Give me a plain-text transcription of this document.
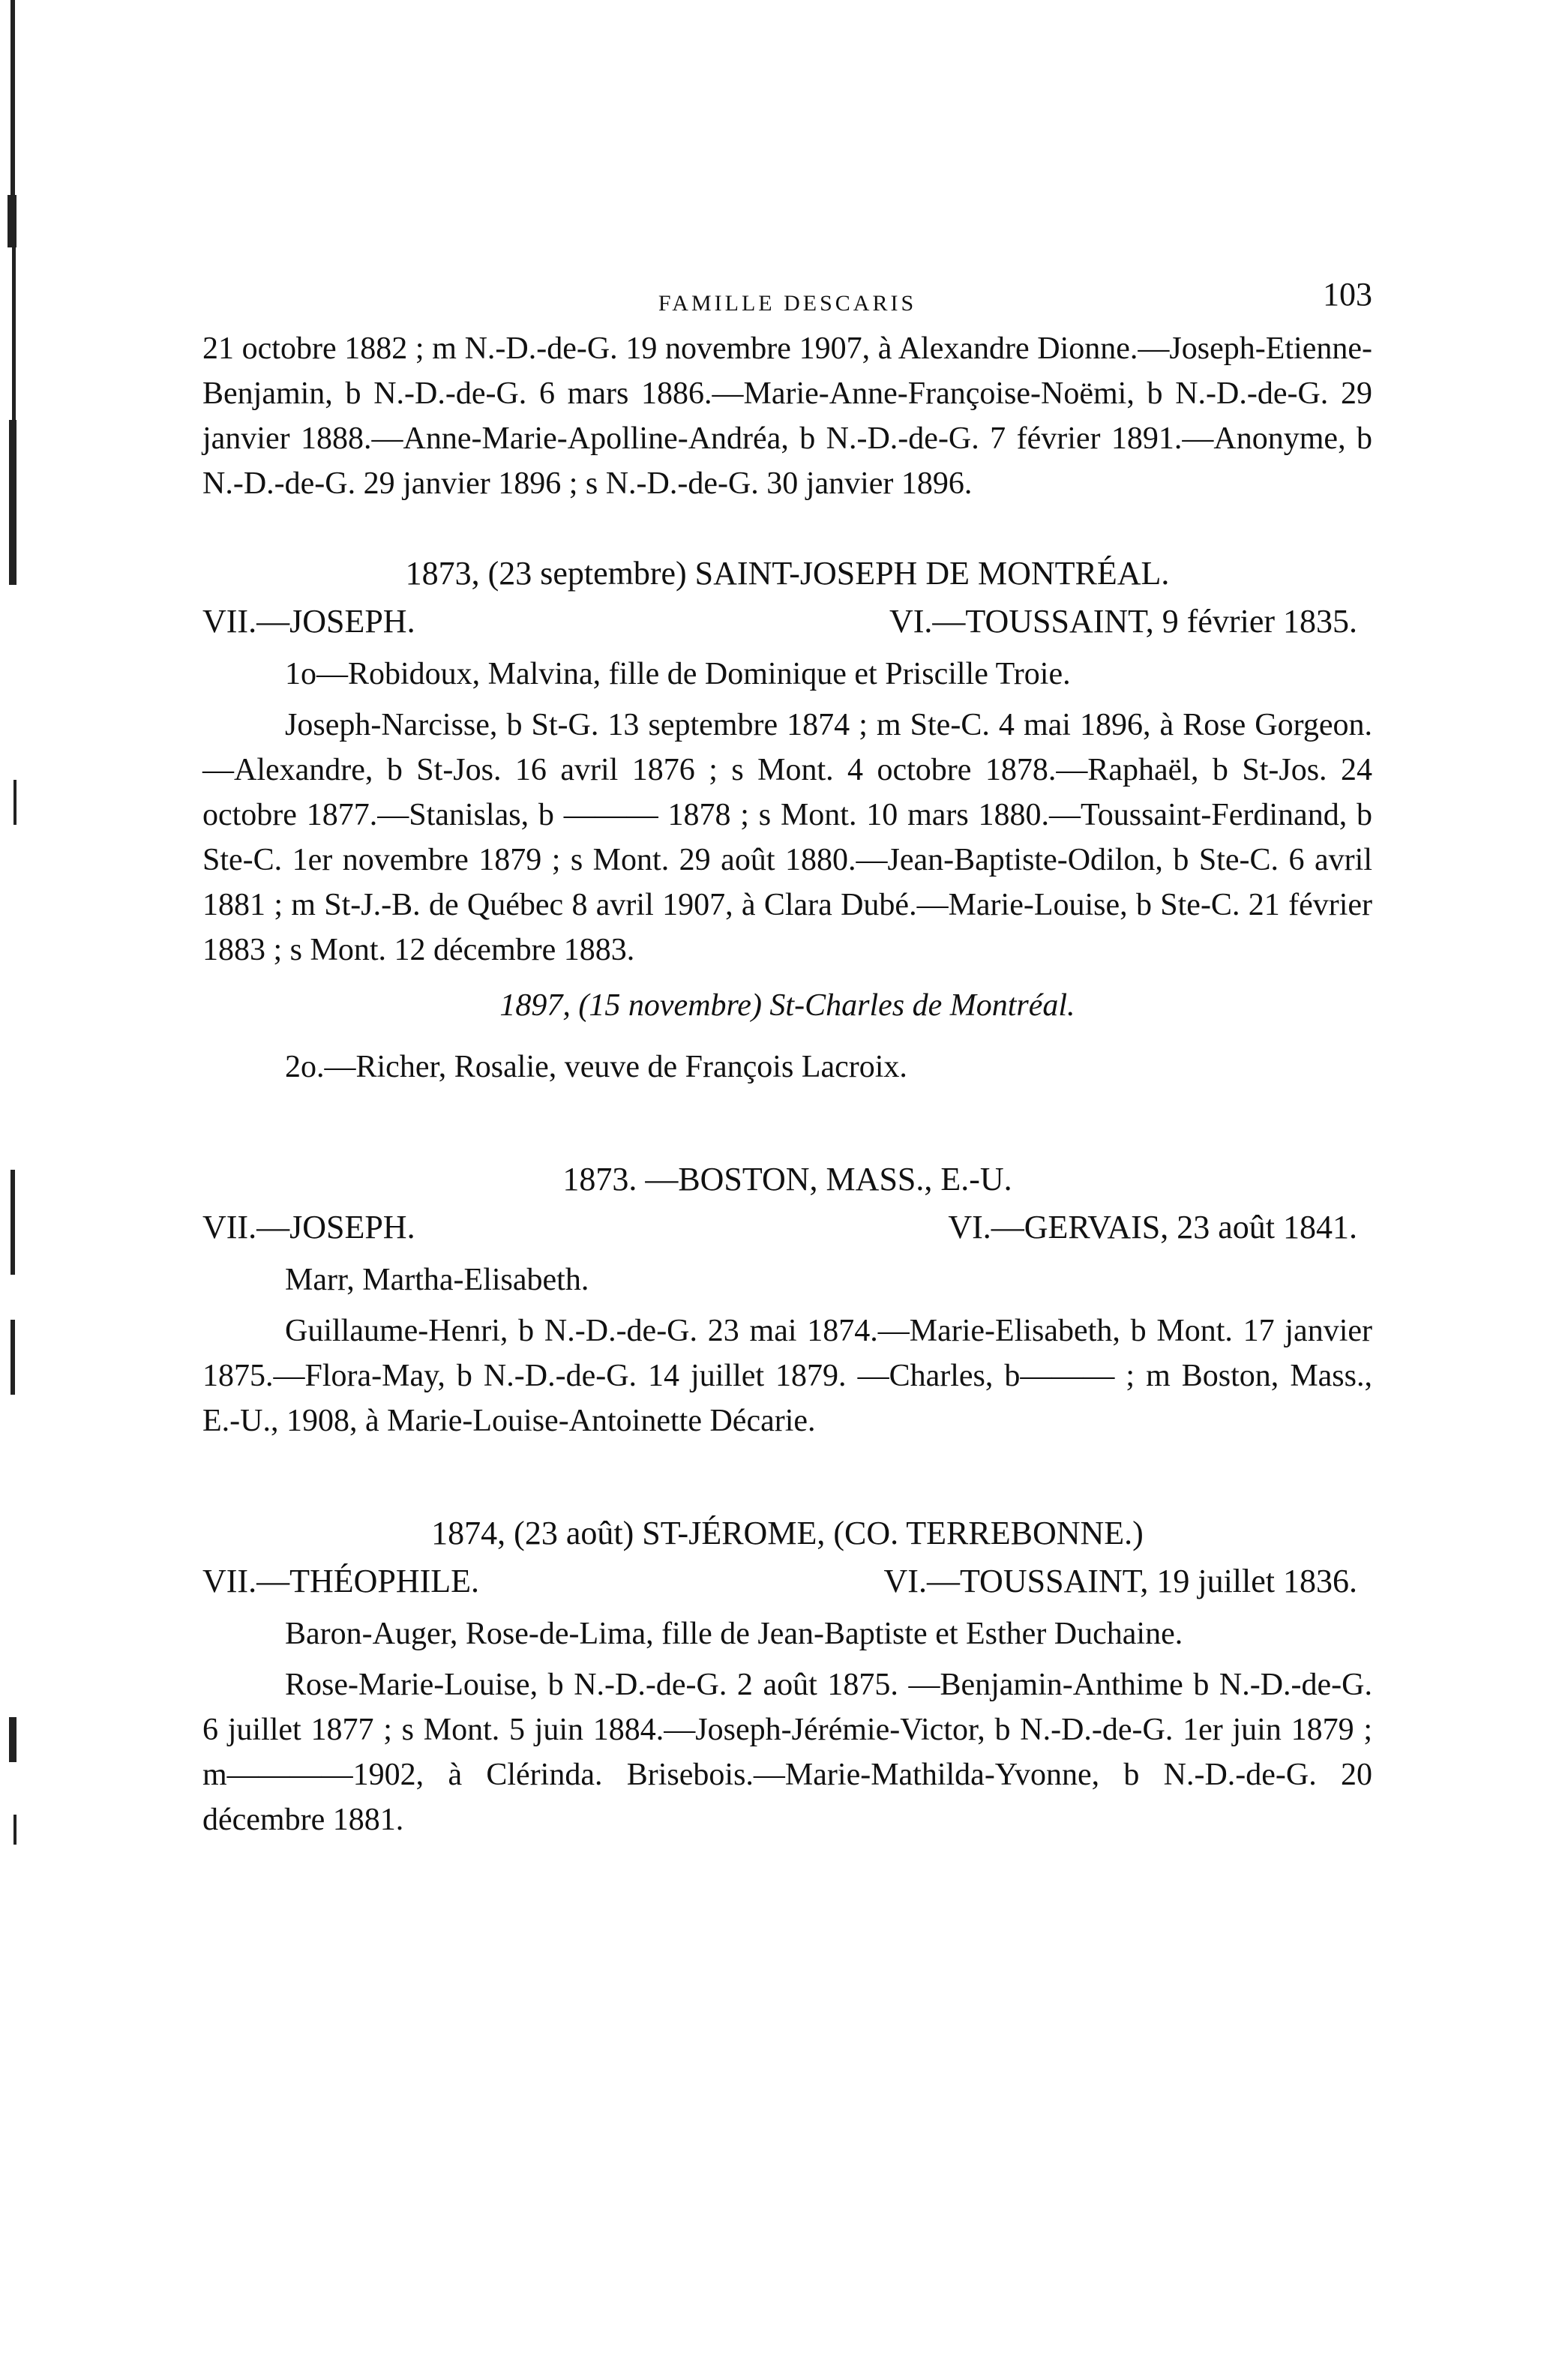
FAMILLE DESCARIS	103

21 octobre 1882 ; m N.-D.-de-G. 19 novembre 1907, à Alexandre Dionne.—Joseph-Etienne-Benjamin, b N.-D.-de-G. 6 mars 1886.—Marie-Anne-Françoise-Noëmi, b N.-D.-de-G. 29 janvier 1888.—Anne-Marie-Apolline-Andréa, b N.-D.-de-G. 7 février 1891.—Anonyme, b N.-D.-de-G. 29 janvier 1896 ; s N.-D.-de-G. 30 janvier 1896.

1873, (23 septembre) SAINT-JOSEPH DE MONTRÉAL.
VII.—JOSEPH.	VI.—TOUSSAINT, 9 février 1835.

1o—Robidoux, Malvina, fille de Dominique et Priscille Troie.

Joseph-Narcisse, b St-G. 13 septembre 1874 ; m Ste-C. 4 mai 1896, à Rose Gorgeon.—Alexandre, b St-Jos. 16 avril 1876 ; s Mont. 4 octobre 1878.—Raphaël, b St-Jos. 24 octobre 1877.—Stanislas, b ——— 1878 ; s Mont. 10 mars 1880.—Toussaint-Ferdinand, b Ste-C. 1er novembre 1879 ; s Mont. 29 août 1880.—Jean-Baptiste-Odilon, b Ste-C. 6 avril 1881 ; m St-J.-B. de Québec 8 avril 1907, à Clara Dubé.—Marie-Louise, b Ste-C. 21 février 1883 ; s Mont. 12 décembre 1883.

1897, (15 novembre) St-Charles de Montréal.

2o.—Richer, Rosalie, veuve de François Lacroix.

1873. —BOSTON, MASS., E.-U.
VII.—JOSEPH.	VI.—GERVAIS, 23 août 1841.

Marr, Martha-Elisabeth.

Guillaume-Henri, b N.-D.-de-G. 23 mai 1874.—Marie-Elisabeth, b Mont. 17 janvier 1875.—Flora-May, b N.-D.-de-G. 14 juillet 1879. —Charles, b——— ; m Boston, Mass., E.-U., 1908, à Marie-Louise-Antoinette Décarie.

1874, (23 août) ST-JÉROME, (CO. TERREBONNE.)
VII.—THÉOPHILE.	VI.—TOUSSAINT, 19 juillet 1836.

Baron-Auger, Rose-de-Lima, fille de Jean-Baptiste et Esther Duchaine.

Rose-Marie-Louise, b N.-D.-de-G. 2 août 1875. —Benjamin-Anthime b N.-D.-de-G. 6 juillet 1877 ; s Mont. 5 juin 1884.—Joseph-Jérémie-Victor, b N.-D.-de-G. 1er juin 1879 ; m————1902, à Clérinda. Brisebois.—Marie-Mathilda-Yvonne, b N.-D.-de-G. 20 décembre 1881.
